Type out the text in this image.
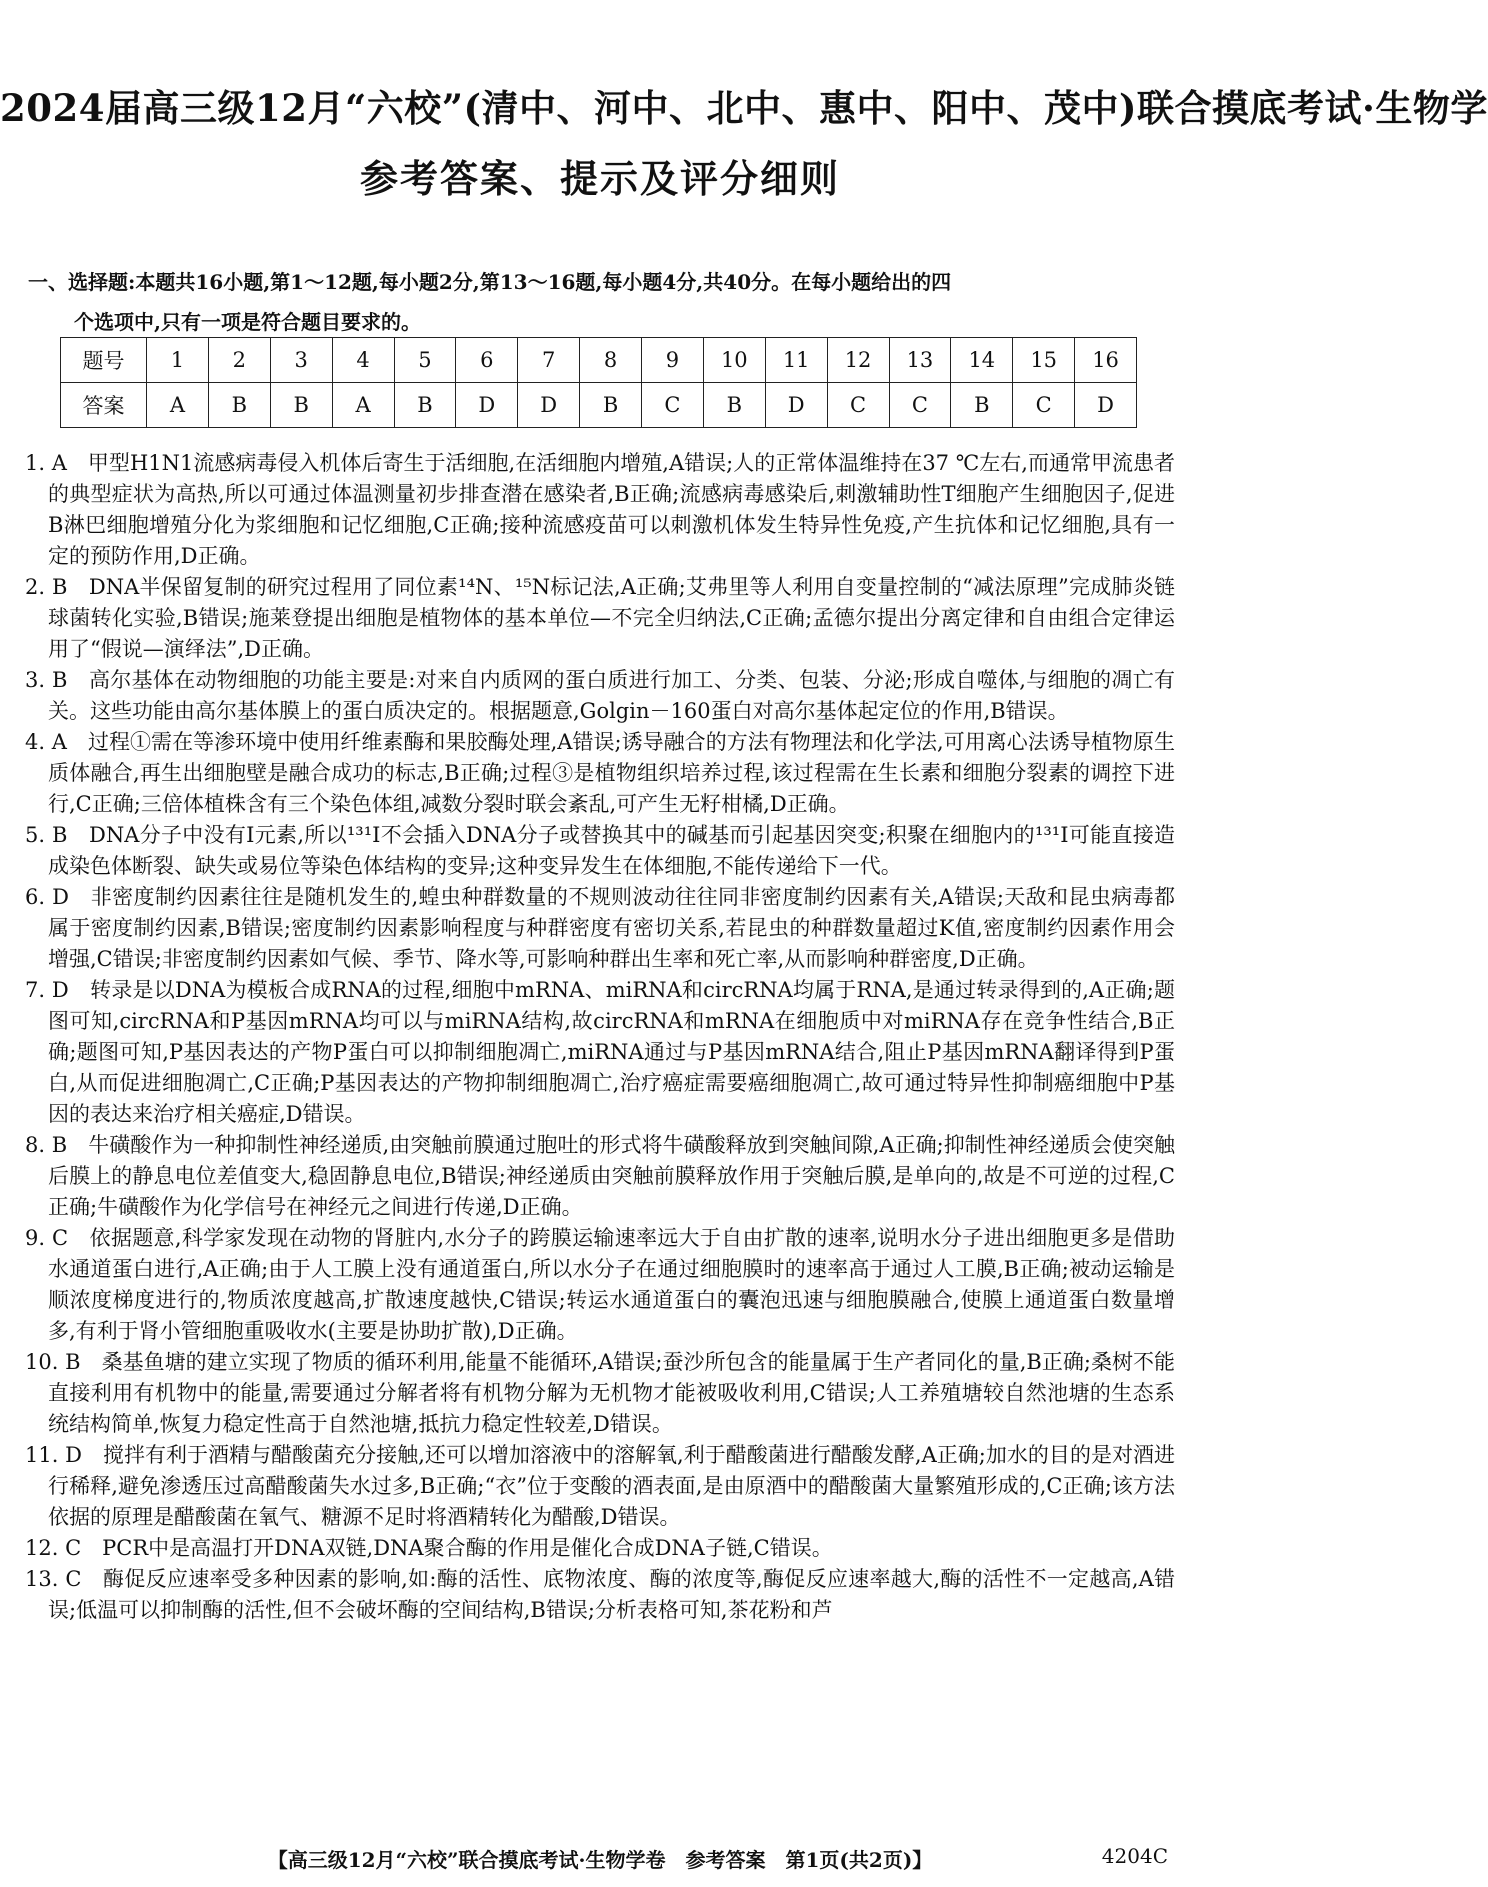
2024届高三级12月“六校”(清中、河中、北中、惠中、阳中、茂中)联合摸底考试·生物学
参考答案、提示及评分细则
一、选择题:本题共16小题,第1～12题,每小题2分,第13～16题,每小题4分,共40分。在每小题给出的四
个选项中,只有一项是符合题目要求的。
题号	1	2	3	4	5	6	7	8	9	10	11	12	13	14	15	16
答案	A	B	B	A	B	D	D	B	C	B	D	C	C	B	C	D

1. A　 甲型H1N1流感病毒侵入机体后寄生于活细胞,在活细胞内增殖,A错误;人的正常体温维持在37 ℃左右,而通常甲流患者的典型症状为高热,所以可通过体温测量初步排查潜在感染者,B正确;流感病毒感染后,刺激辅助性T细胞产生细胞因子,促进B淋巴细胞增殖分化为浆细胞和记忆细胞,C正确;接种流感疫苗可以刺激机体发生特异性免疫,产生抗体和记忆细胞,具有一定的预防作用,D正确。

2. B　 DNA半保留复制的研究过程用了同位素¹⁴N、¹⁵N标记法,A正确;艾弗里等人利用自变量控制的“减法原理”完成肺炎链球菌转化实验,B错误;施莱登提出细胞是植物体的基本单位—不完全归纳法,C正确;孟德尔提出分离定律和自由组合定律运用了“假说—演绎法”,D正确。

3. B　 高尔基体在动物细胞的功能主要是:对来自内质网的蛋白质进行加工、分类、包装、分泌;形成自噬体,与细胞的凋亡有关。这些功能由高尔基体膜上的蛋白质决定的。根据题意,Golgin－160蛋白对高尔基体起定位的作用,B错误。

4. A　 过程①需在等渗环境中使用纤维素酶和果胶酶处理,A错误;诱导融合的方法有物理法和化学法,可用离心法诱导植物原生质体融合,再生出细胞壁是融合成功的标志,B正确;过程③是植物组织培养过程,该过程需在生长素和细胞分裂素的调控下进行,C正确;三倍体植株含有三个染色体组,减数分裂时联会紊乱,可产生无籽柑橘,D正确。

5. B　 DNA分子中没有I元素,所以¹³¹I不会插入DNA分子或替换其中的碱基而引起基因突变;积聚在细胞内的¹³¹I可能直接造成染色体断裂、缺失或易位等染色体结构的变异;这种变异发生在体细胞,不能传递给下一代。

6. D　 非密度制约因素往往是随机发生的,蝗虫种群数量的不规则波动往往同非密度制约因素有关,A错误;天敌和昆虫病毒都属于密度制约因素,B错误;密度制约因素影响程度与种群密度有密切关系,若昆虫的种群数量超过K值,密度制约因素作用会增强,C错误;非密度制约因素如气候、季节、降水等,可影响种群出生率和死亡率,从而影响种群密度,D正确。

7. D　 转录是以DNA为模板合成RNA的过程,细胞中mRNA、miRNA和circRNA均属于RNA,是通过转录得到的,A正确;题图可知,circRNA和P基因mRNA均可以与miRNA结构,故circRNA和mRNA在细胞质中对miRNA存在竞争性结合,B正确;题图可知,P基因表达的产物P蛋白可以抑制细胞凋亡,miRNA通过与P基因mRNA结合,阻止P基因mRNA翻译得到P蛋白,从而促进细胞凋亡,C正确;P基因表达的产物抑制细胞凋亡,治疗癌症需要癌细胞凋亡,故可通过特异性抑制癌细胞中P基因的表达来治疗相关癌症,D错误。

8. B　 牛磺酸作为一种抑制性神经递质,由突触前膜通过胞吐的形式将牛磺酸释放到突触间隙,A正确;抑制性神经递质会使突触后膜上的静息电位差值变大,稳固静息电位,B错误;神经递质由突触前膜释放作用于突触后膜,是单向的,故是不可逆的过程,C正确;牛磺酸作为化学信号在神经元之间进行传递,D正确。

9. C　 依据题意,科学家发现在动物的肾脏内,水分子的跨膜运输速率远大于自由扩散的速率,说明水分子进出细胞更多是借助水通道蛋白进行,A正确;由于人工膜上没有通道蛋白,所以水分子在通过细胞膜时的速率高于通过人工膜,B正确;被动运输是顺浓度梯度进行的,物质浓度越高,扩散速度越快,C错误;转运水通道蛋白的囊泡迅速与细胞膜融合,使膜上通道蛋白数量增多,有利于肾小管细胞重吸收水(主要是协助扩散),D正确。

10. B　 桑基鱼塘的建立实现了物质的循环利用,能量不能循环,A错误;蚕沙所包含的能量属于生产者同化的量,B正确;桑树不能直接利用有机物中的能量,需要通过分解者将有机物分解为无机物才能被吸收利用,C错误;人工养殖塘较自然池塘的生态系统结构简单,恢复力稳定性高于自然池塘,抵抗力稳定性较差,D错误。

11. D　 搅拌有利于酒精与醋酸菌充分接触,还可以增加溶液中的溶解氧,利于醋酸菌进行醋酸发酵,A正确;加水的目的是对酒进行稀释,避免渗透压过高醋酸菌失水过多,B正确;“衣”位于变酸的酒表面,是由原酒中的醋酸菌大量繁殖形成的,C正确;该方法依据的原理是醋酸菌在氧气、糖源不足时将酒精转化为醋酸,D错误。

12. C　 PCR中是高温打开DNA双链,DNA聚合酶的作用是催化合成DNA子链,C错误。

13. C　 酶促反应速率受多种因素的影响,如:酶的活性、底物浓度、酶的浓度等,酶促反应速率越大,酶的活性不一定越高,A错误;低温可以抑制酶的活性,但不会破坏酶的空间结构,B错误;分析表格可知,茶花粉和芦

【高三级12月“六校”联合摸底考试·生物学卷　参考答案　第1页(共2页)】	4204C
